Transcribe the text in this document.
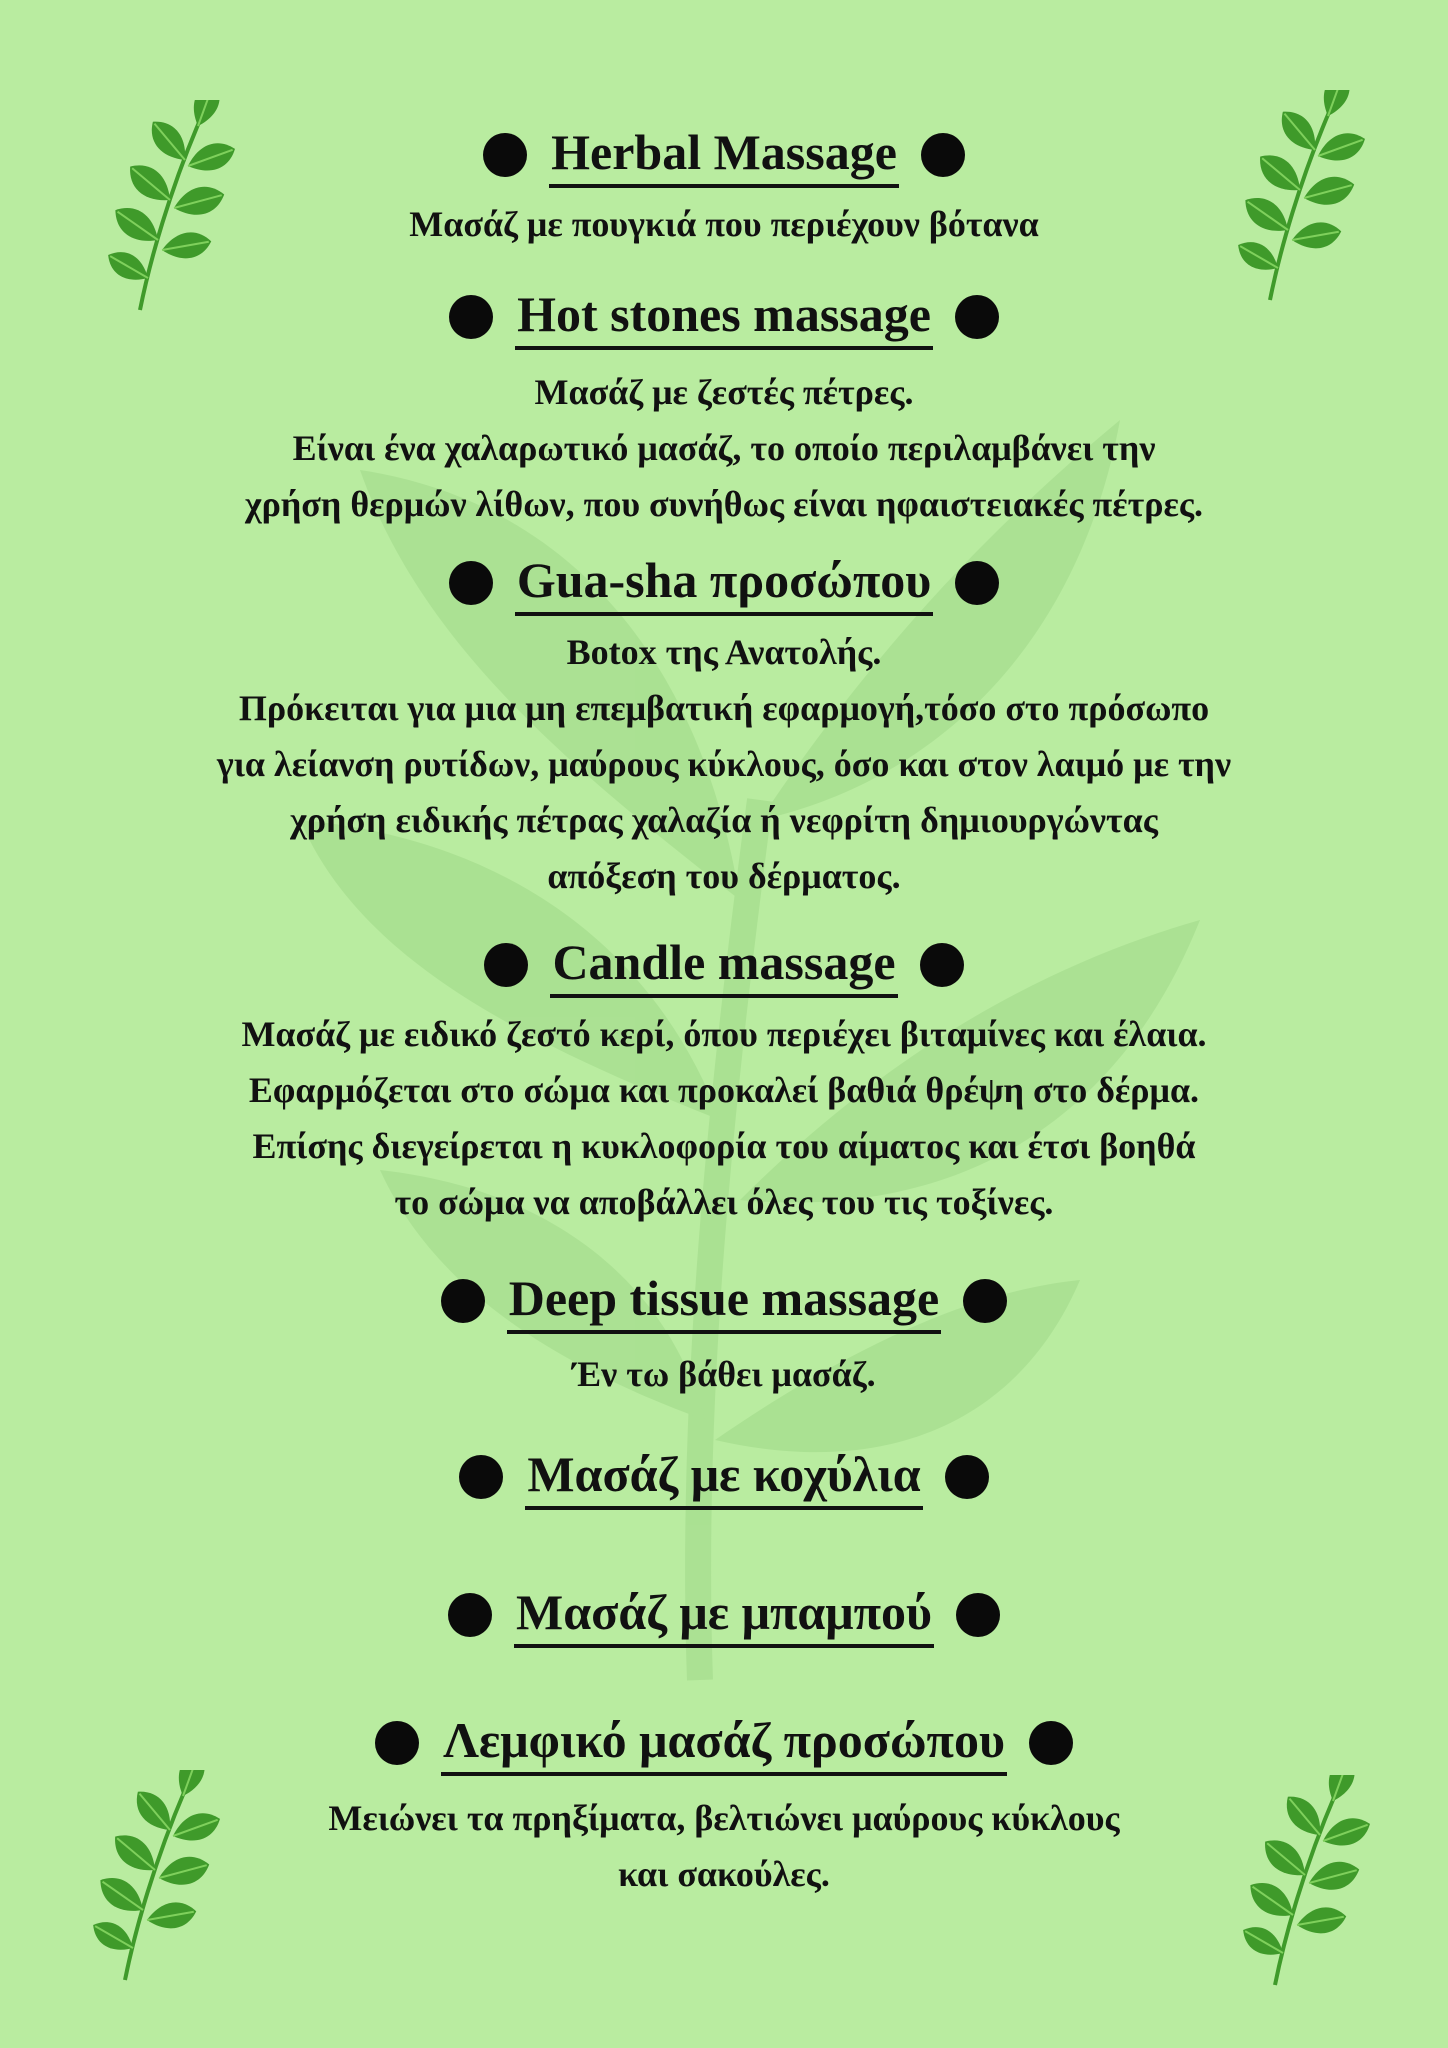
Herbal Massage

Μασάζ με πουγκιά που περιέχουν βότανα

Hot stones massage

Μασάζ με ζεστές πέτρες.

Είναι ένα χαλαρωτικό μασάζ, το οποίο περιλαμβάνει την

χρήση θερμών λίθων, που συνήθως είναι ηφαιστειακές πέτρες.

Gua-sha προσώπου

Botox της Ανατολής.

Πρόκειται για μια μη επεμβατική εφαρμογή,τόσο στο πρόσωπο

για λείανση ρυτίδων, μαύρους κύκλους, όσο και στον λαιμό με την

χρήση ειδικής πέτρας χαλαζία ή νεφρίτη δημιουργώντας

απόξεση του δέρματος.

Candle massage

Μασάζ με ειδικό ζεστό κερί, όπου περιέχει βιταμίνες και έλαια.

Εφαρμόζεται στο σώμα και προκαλεί βαθιά θρέψη στο δέρμα.

Επίσης διεγείρεται η κυκλοφορία του αίματος και έτσι βοηθά

το σώμα να αποβάλλει όλες του τις τοξίνες.

Deep tissue massage

Έν τω βάθει μασάζ.

Μασάζ με κοχύλια
Μασάζ με μπαμπού
Λεμφικό μασάζ προσώπου

Μειώνει τα πρηξίματα, βελτιώνει μαύρους κύκλους

και σακούλες.
